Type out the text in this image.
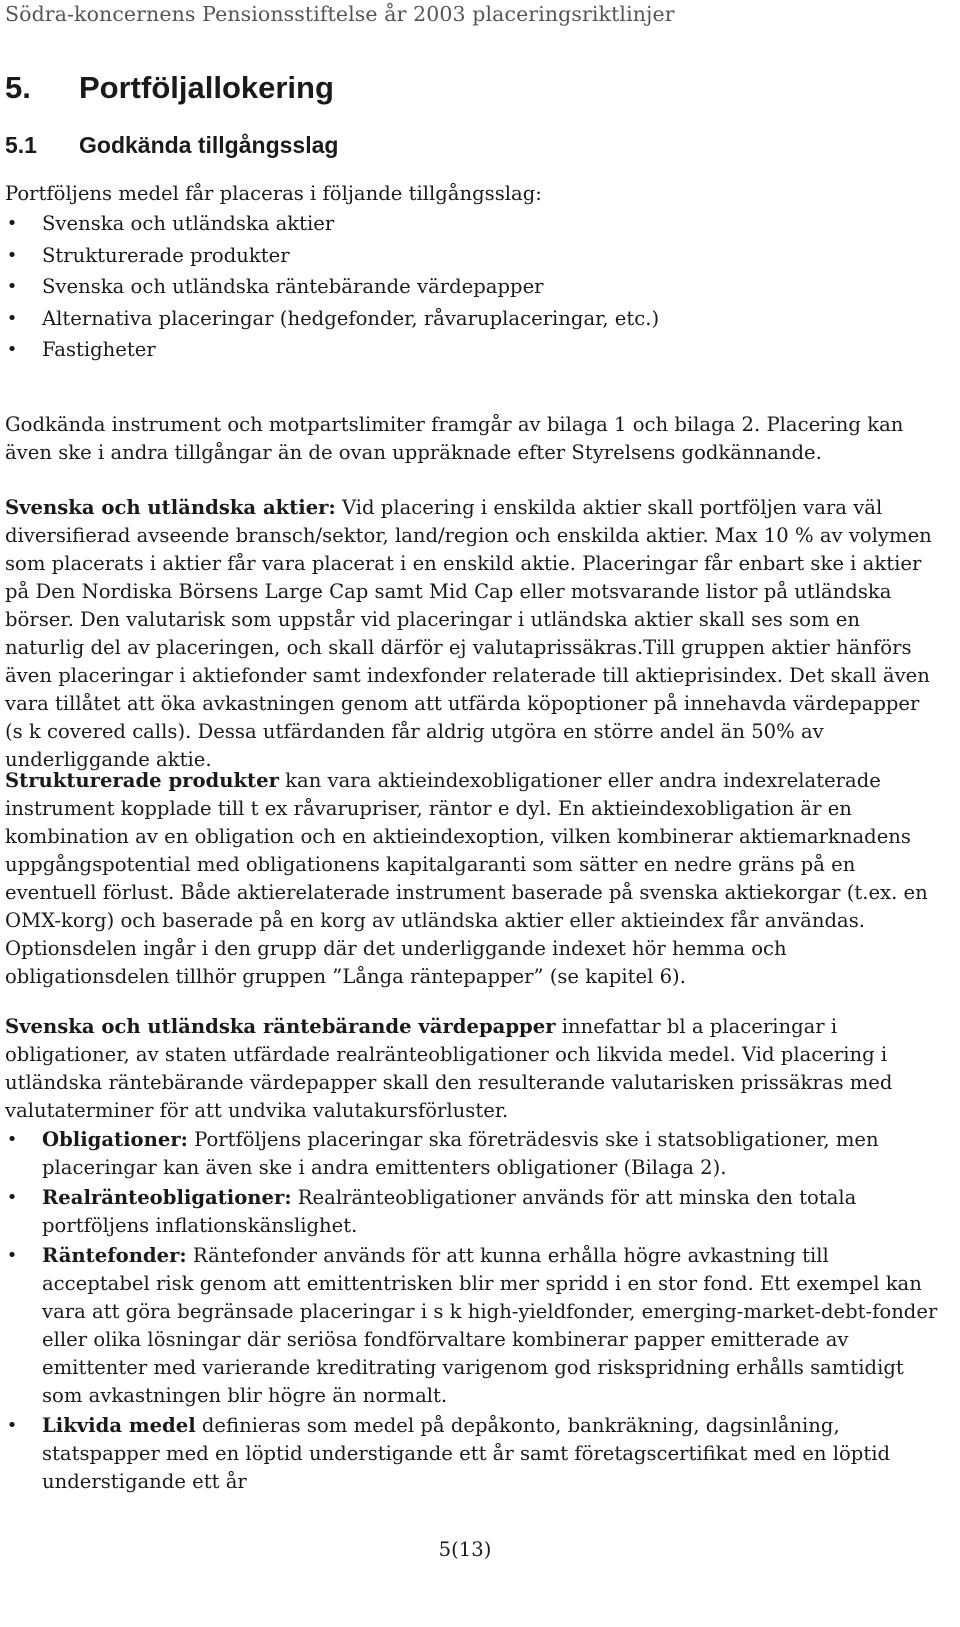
Södra-koncernens Pensionsstiftelse år 2003 placeringsriktlinjer
5. Portföljallokering
5.1 Godkända tillgångsslag
Portföljens medel får placeras i följande tillgångsslag:
• Svenska och utländska aktier
• Strukturerade produkter
• Svenska och utländska räntebärande värdepapper
• Alternativa placeringar (hedgefonder, råvaruplaceringar, etc.)
• Fastigheter

Godkända instrument och motpartslimiter framgår av bilaga 1 och bilaga 2. Placering kan även ske i andra tillgångar än de ovan uppräknade efter Styrelsens godkännande.

Svenska och utländska aktier: Vid placering i enskilda aktier skall portföljen vara väl diversifierad avseende bransch/sektor, land/region och enskilda aktier. Max 10 % av volymen som placerats i aktier får vara placerat i en enskild aktie. Placeringar får enbart ske i aktier på Den Nordiska Börsens Large Cap samt Mid Cap eller motsvarande listor på utländska börser. Den valutarisk som uppstår vid placeringar i utländska aktier skall ses som en naturlig del av placeringen, och skall därför ej valutaprissäkras.Till gruppen aktier hänförs även placeringar i aktiefonder samt indexfonder relaterade till aktieprisindex. Det skall även vara tillåtet att öka avkastningen genom att utfärda köpoptioner på innehavda värdepapper (s k covered calls). Dessa utfärdanden får aldrig utgöra en större andel än 50% av underliggande aktie.

Strukturerade produkter kan vara aktieindexobligationer eller andra indexrelaterade instrument kopplade till t ex råvarupriser, räntor e dyl. En aktieindexobligation är en kombination av en obligation och en aktieindexoption, vilken kombinerar aktiemarknadens uppgångspotential med obligationens kapitalgaranti som sätter en nedre gräns på en eventuell förlust. Både aktierelaterade instrument baserade på svenska aktiekorgar (t.ex. en OMX-korg) och baserade på en korg av utländska aktier eller aktieindex får användas. Optionsdelen ingår i den grupp där det underliggande indexet hör hemma och obligationsdelen tillhör gruppen ”Långa räntepapper” (se kapitel 6).

Svenska och utländska räntebärande värdepapper innefattar bl a placeringar i obligationer, av staten utfärdade realränteobligationer och likvida medel. Vid placering i utländska räntebärande värdepapper skall den resulterande valutarisken prissäkras med valutaterminer för att undvika valutakursförluster.

• Obligationer: Portföljens placeringar ska företrädesvis ske i statsobligationer, men placeringar kan även ske i andra emittenters obligationer (Bilaga 2).
• Realränteobligationer: Realränteobligationer används för att minska den totala portföljens inflationskänslighet.
• Räntefonder: Räntefonder används för att kunna erhålla högre avkastning till acceptabel risk genom att emittentrisken blir mer spridd i en stor fond. Ett exempel kan vara att göra begränsade placeringar i s k high-yieldfonder, emerging-market-debt-fonder eller olika lösningar där seriösa fondförvaltare kombinerar papper emitterade av emittenter med varierande kreditrating varigenom god riskspridning erhålls samtidigt som avkastningen blir högre än normalt.
• Likvida medel definieras som medel på depåkonto, bankräkning, dagsinlåning, statspapper med en löptid understigande ett år samt företagscertifikat med en löptid understigande ett år
5(13)
